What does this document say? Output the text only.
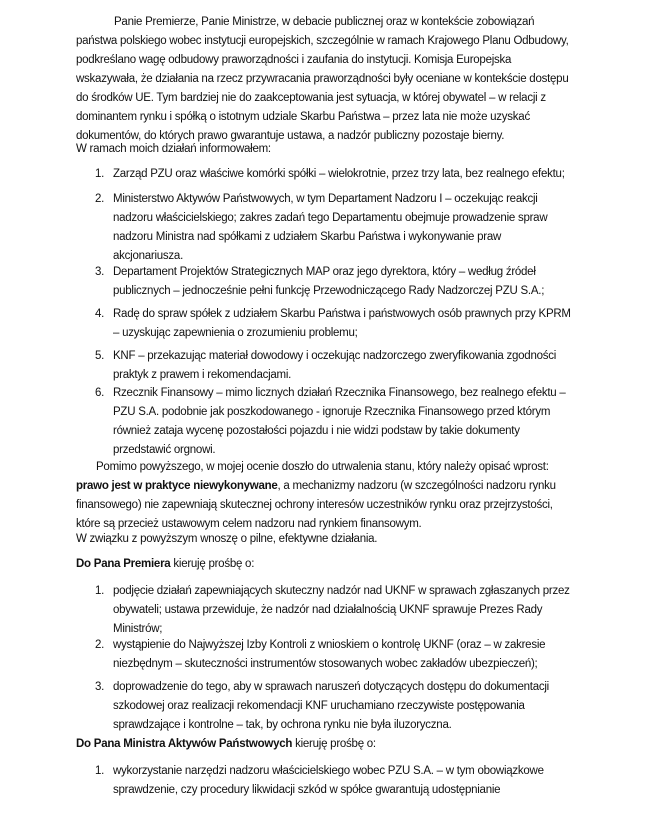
Panie Premierze, Panie Ministrze, w debacie publicznej oraz w kontekście zobowiązań państwa polskiego wobec instytucji europejskich, szczególnie w ramach Krajowego Planu Odbudowy, podkreślano wagę odbudowy praworządności i zaufania do instytucji. Komisja Europejska wskazywała, że działania na rzecz przywracania praworządności były oceniane w kontekście dostępu do środków UE. Tym bardziej nie do zaakceptowania jest sytuacja, w której obywatel – w relacji z dominantem rynku i spółką o istotnym udziale Skarbu Państwa – przez lata nie może uzyskać dokumentów, do których prawo gwarantuje ustawa, a nadzór publiczny pozostaje bierny.

W ramach moich działań informowałem:

1. Zarząd PZU oraz właściwe komórki spółki – wielokrotnie, przez trzy lata, bez realnego efektu;
2. Ministerstwo Aktywów Państwowych, w tym Departament Nadzoru I – oczekując reakcji nadzoru właścicielskiego; zakres zadań tego Departamentu obejmuje prowadzenie spraw nadzoru Ministra nad spółkami z udziałem Skarbu Państwa i wykonywanie praw akcjonariusza.
3. Departament Projektów Strategicznych MAP oraz jego dyrektora, który – według źródeł publicznych – jednocześnie pełni funkcję Przewodniczącego Rady Nadzorczej PZU S.A.;
4. Radę do spraw spółek z udziałem Skarbu Państwa i państwowych osób prawnych przy KPRM – uzyskując zapewnienia o zrozumieniu problemu;
5. KNF – przekazując materiał dowodowy i oczekując nadzorczego zweryfikowania zgodności praktyk z prawem i rekomendacjami.
6. Rzecznik Finansowy – mimo licznych działań Rzecznika Finansowego, bez realnego efektu – PZU S.A. podobnie jak poszkodowanego - ignoruje Rzecznika Finansowego przed którym również zataja wycenę pozostałości pojazdu i nie widzi podstaw by takie dokumenty przedstawić orgnowi.

Pomimo powyższego, w mojej ocenie doszło do utrwalenia stanu, który należy opisać wprost: prawo jest w praktyce niewykonywane, a mechanizmy nadzoru (w szczególności nadzoru rynku finansowego) nie zapewniają skutecznej ochrony interesów uczestników rynku oraz przejrzystości, które są przecież ustawowym celem nadzoru nad rynkiem finansowym.

W związku z powyższym wnoszę o pilne, efektywne działania.

Do Pana Premiera kieruję prośbę o:

1. podjęcie działań zapewniających skuteczny nadzór nad UKNF w sprawach zgłaszanych przez obywateli; ustawa przewiduje, że nadzór nad działalnością UKNF sprawuje Prezes Rady Ministrów;
2. wystąpienie do Najwyższej Izby Kontroli z wnioskiem o kontrolę UKNF (oraz – w zakresie niezbędnym – skuteczności instrumentów stosowanych wobec zakładów ubezpieczeń);
3. doprowadzenie do tego, aby w sprawach naruszeń dotyczących dostępu do dokumentacji szkodowej oraz realizacji rekomendacji KNF uruchamiano rzeczywiste postępowania sprawdzające i kontrolne – tak, by ochrona rynku nie była iluzoryczna.

Do Pana Ministra Aktywów Państwowych kieruję prośbę o:

1. wykorzystanie narzędzi nadzoru właścicielskiego wobec PZU S.A. – w tym obowiązkowe sprawdzenie, czy procedury likwidacji szkód w spółce gwarantują udostępnianie
